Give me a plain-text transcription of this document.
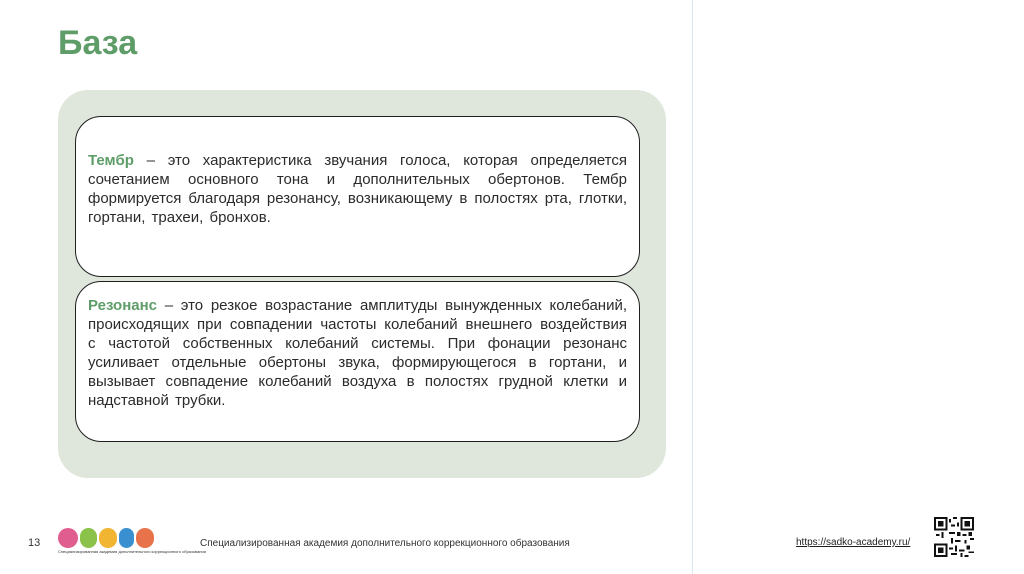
База

Тембр – это характеристика звучания голоса, которая определяется сочетанием основного тона и дополнительных обертонов. Тембр формируется благодаря резонансу, возникающему в полостях рта, глотки, гортани, трахеи, бронхов.

Резонанс – это резкое возрастание амплитуды вынужденных колебаний, происходящих при совпадении частоты колебаний внешнего воздействия с частотой собственных колебаний системы. При фонации резонанс усиливает отдельные обертоны звука, формирующегося в гортани, и вызывает совпадение колебаний воздуха в полостях грудной клетки и надставной трубки.

13
Специализированная академия дополнительного коррекционного образования
Специализированная академия дополнительного коррекционного образования	https://sadko-academy.ru/
